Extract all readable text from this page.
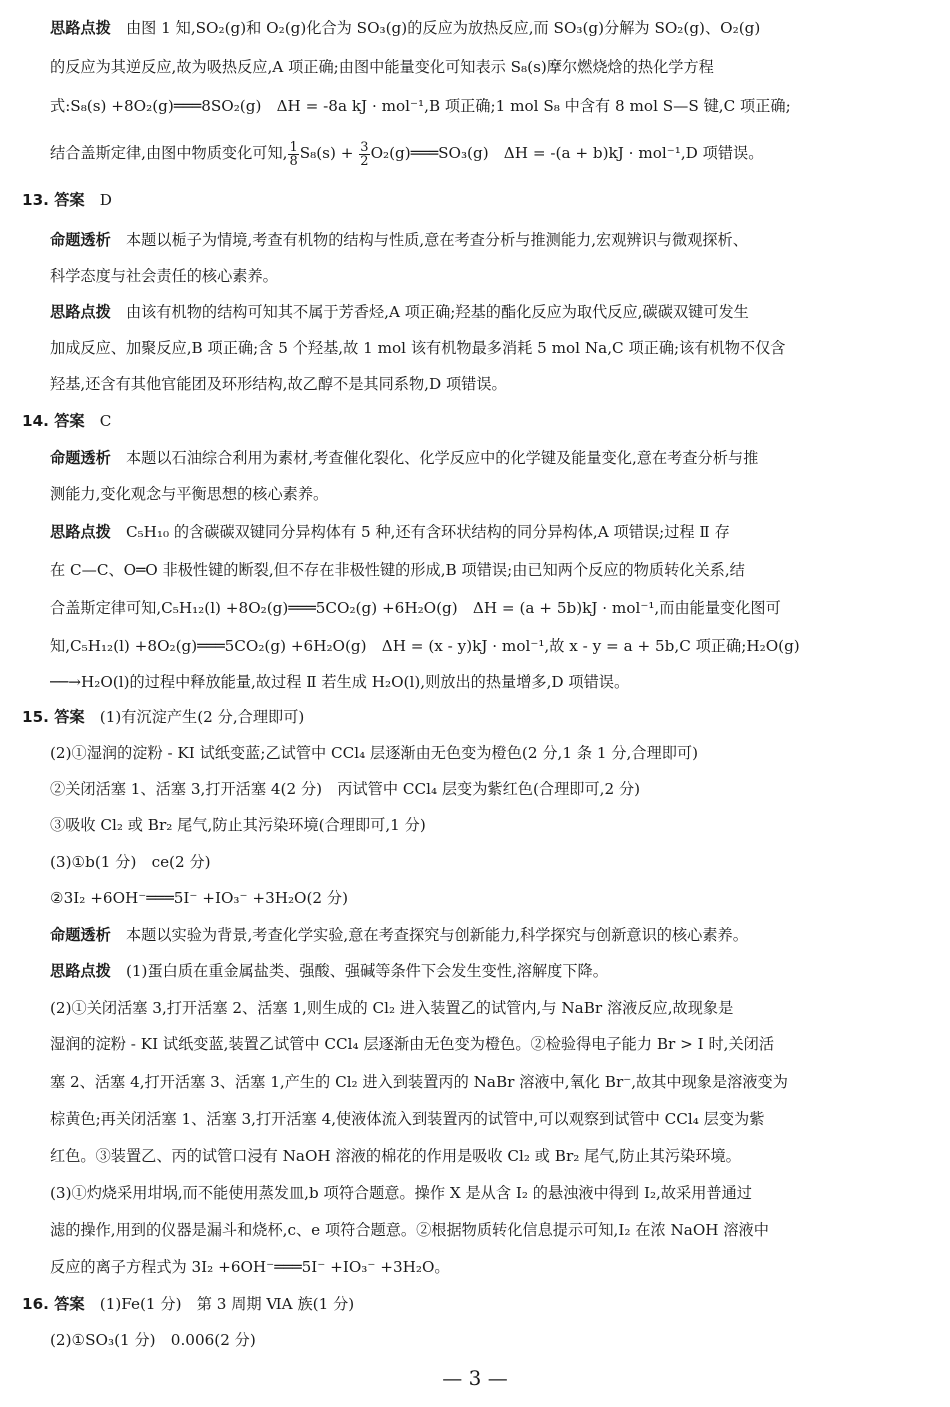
思路点拨　 由图 1 知,SO₂(g)和 O₂(g)化合为 SO₃(g)的反应为放热反应,而 SO₃(g)分解为 SO₂(g)、O₂(g)
的反应为其逆反应,故为吸热反应,A 项正确;由图中能量变化可知表示 S₈(s)摩尔燃烧焓的热化学方程
式:S₈(s) +8O₂(g)═══8SO₂(g)　ΔH = -8a kJ · mol⁻¹,B 项正确;1 mol S₈ 中含有 8 mol S—S 键,C 项正确;
结合盖斯定律,由图中物质变化可知, $\frac{1}{8} S_8(s) + \frac{3}{2}$ O₂(g)═══SO₃(g)　ΔH = -(a + b)kJ · mol⁻¹,D 项错误。
13. 答案　 D
命题透析　 本题以栀子为情境,考查有机物的结构与性质,意在考查分析与推测能力,宏观辨识与微观探析、
科学态度与社会责任的核心素养。
思路点拨　 由该有机物的结构可知其不属于芳香烃,A 项正确;羟基的酯化反应为取代反应,碳碳双键可发生
加成反应、加聚反应,B 项正确;含 5 个羟基,故 1 mol 该有机物最多消耗 5 mol Na,C 项正确;该有机物不仅含
羟基,还含有其他官能团及环形结构,故乙醇不是其同系物,D 项错误。
14. 答案　 C
命题透析　 本题以石油综合利用为素材,考查催化裂化、化学反应中的化学键及能量变化,意在考查分析与推
测能力,变化观念与平衡思想的核心素养。
思路点拨　 C₅H₁₀ 的含碳碳双键同分异构体有 5 种,还有含环状结构的同分异构体,A 项错误;过程 Ⅱ 存
在 C—C、O═O 非极性键的断裂,但不存在非极性键的形成,B 项错误;由已知两个反应的物质转化关系,结
合盖斯定律可知,C₅H₁₂(l) +8O₂(g)═══5CO₂(g) +6H₂O(g)　ΔH = (a + 5b)kJ · mol⁻¹,而由能量变化图可
知,C₅H₁₂(l) +8O₂(g)═══5CO₂(g) +6H₂O(g)　ΔH = (x - y)kJ · mol⁻¹,故 x - y = a + 5b,C 项正确;H₂O(g)
──→H₂O(l)的过程中释放能量,故过程 Ⅱ 若生成 H₂O(l),则放出的热量增多,D 项错误。
15. 答案　 (1)有沉淀产生(2 分,合理即可)
(2)①湿润的淀粉 - KI 试纸变蓝;乙试管中 CCl₄ 层逐渐由无色变为橙色(2 分,1 条 1 分,合理即可)
②关闭活塞 1、活塞 3,打开活塞 4(2 分)　丙试管中 CCl₄ 层变为紫红色(合理即可,2 分)
③吸收 Cl₂ 或 Br₂ 尾气,防止其污染环境(合理即可,1 分)
(3)①b(1 分)　ce(2 分)
②3I₂ +6OH⁻═══5I⁻ +IO₃⁻ +3H₂O(2 分)
命题透析　 本题以实验为背景,考查化学实验,意在考查探究与创新能力,科学探究与创新意识的核心素养。
思路点拨　 (1)蛋白质在重金属盐类、强酸、强碱等条件下会发生变性,溶解度下降。
(2)①关闭活塞 3,打开活塞 2、活塞 1,则生成的 Cl₂ 进入装置乙的试管内,与 NaBr 溶液反应,故现象是
湿润的淀粉 - KI 试纸变蓝,装置乙试管中 CCl₄ 层逐渐由无色变为橙色。②检验得电子能力 Br > I 时,关闭活
塞 2、活塞 4,打开活塞 3、活塞 1,产生的 Cl₂ 进入到装置丙的 NaBr 溶液中,氧化 Br⁻,故其中现象是溶液变为
棕黄色;再关闭活塞 1、活塞 3,打开活塞 4,使液体流入到装置丙的试管中,可以观察到试管中 CCl₄ 层变为紫
红色。③装置乙、丙的试管口浸有 NaOH 溶液的棉花的作用是吸收 Cl₂ 或 Br₂ 尾气,防止其污染环境。
(3)①灼烧采用坩埚,而不能使用蒸发皿,b 项符合题意。操作 X 是从含 I₂ 的悬浊液中得到 I₂,故采用普通过
滤的操作,用到的仪器是漏斗和烧杯,c、e 项符合题意。②根据物质转化信息提示可知,I₂ 在浓 NaOH 溶液中
反应的离子方程式为 3I₂ +6OH⁻═══5I⁻ +IO₃⁻ +3H₂O。
16. 答案　 (1)Fe(1 分)　第 3 周期 ⅥA 族(1 分)
(2)①SO₃(1 分)　0.006(2 分)
— 3 —
